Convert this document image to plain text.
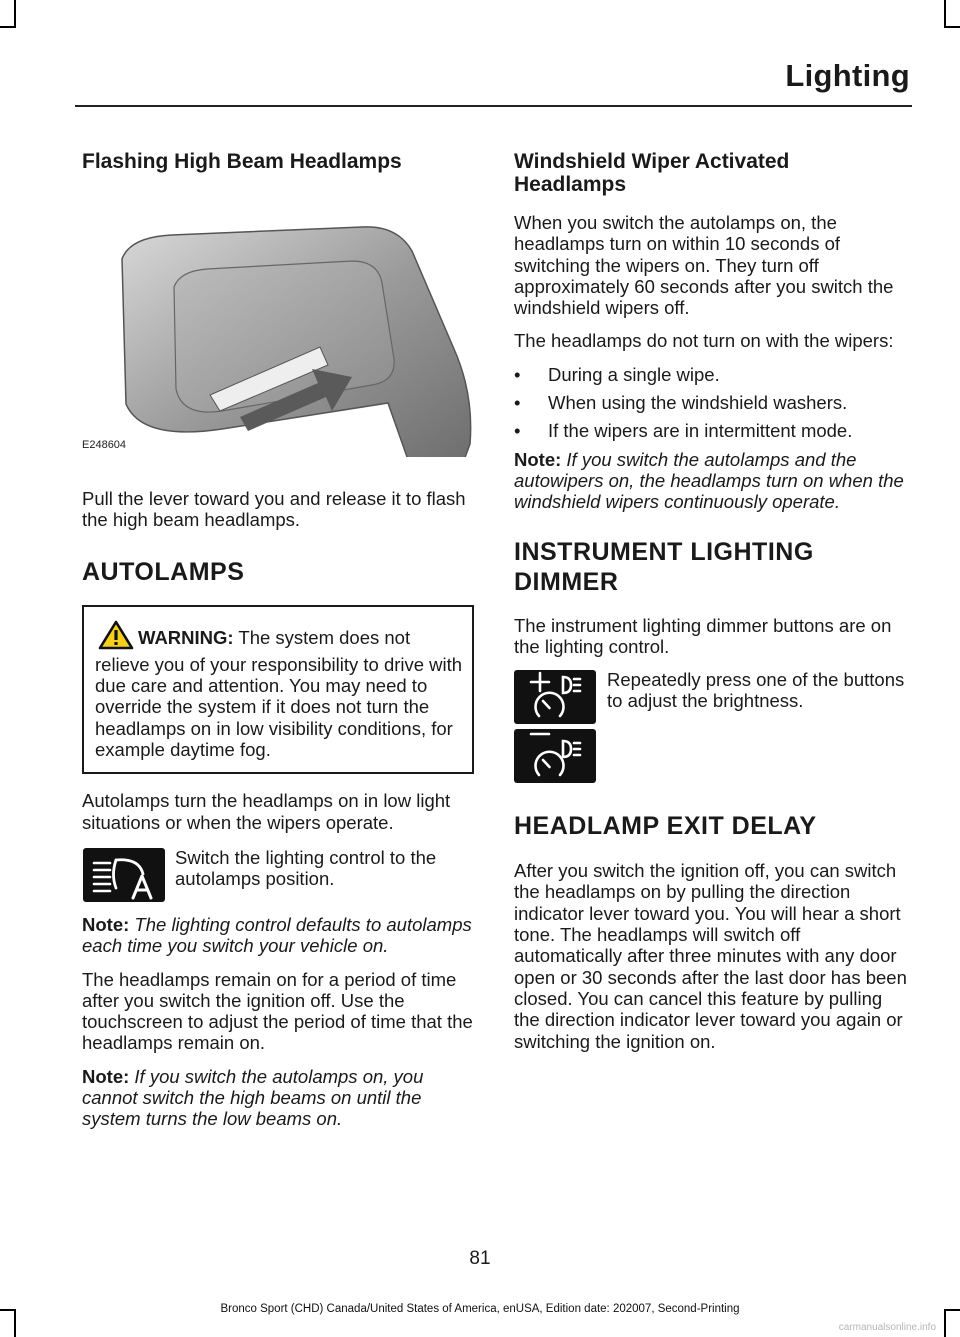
Lighting
Flashing High Beam Headlamps
E248604

Pull the lever toward you and release it to flash the high beam headlamps.

AUTOLAMPS
WARNING: The system does not relieve you of your responsibility to drive with due care and attention. You may need to override the system if it does not turn the headlamps on in low visibility conditions, for example daytime fog.

Autolamps turn the headlamps on in low light situations or when the wipers operate.

Switch the lighting control to the autolamps position.

Note: The lighting control defaults to autolamps each time you switch your vehicle on.

The headlamps remain on for a period of time after you switch the ignition off. Use the touchscreen to adjust the period of time that the headlamps remain on.

Note: If you switch the autolamps on, you cannot switch the high beams on until the system turns the low beams on.

Windshield Wiper Activated Headlamps

When you switch the autolamps on, the headlamps turn on within 10 seconds of switching the wipers on. They turn off approximately 60 seconds after you switch the windshield wipers off.

The headlamps do not turn on with the wipers:

• During a single wipe.
• When using the windshield washers.
• If the wipers are in intermittent mode.

Note: If you switch the autolamps and the autowipers on, the headlamps turn on when the windshield wipers continuously operate.

INSTRUMENT LIGHTING
DIMMER

The instrument lighting dimmer buttons are on the lighting control.

Repeatedly press one of the buttons to adjust the brightness.
HEADLAMP EXIT DELAY

After you switch the ignition off, you can switch the headlamps on by pulling the direction indicator lever toward you. You will hear a short tone. The headlamps will switch off automatically after three minutes with any door open or 30 seconds after the last door has been closed. You can cancel this feature by pulling the direction indicator lever toward you again or switching the ignition on.

81
Bronco Sport (CHD) Canada/United States of America, enUSA, Edition date: 202007, Second-Printing
carmanualsonline.info
